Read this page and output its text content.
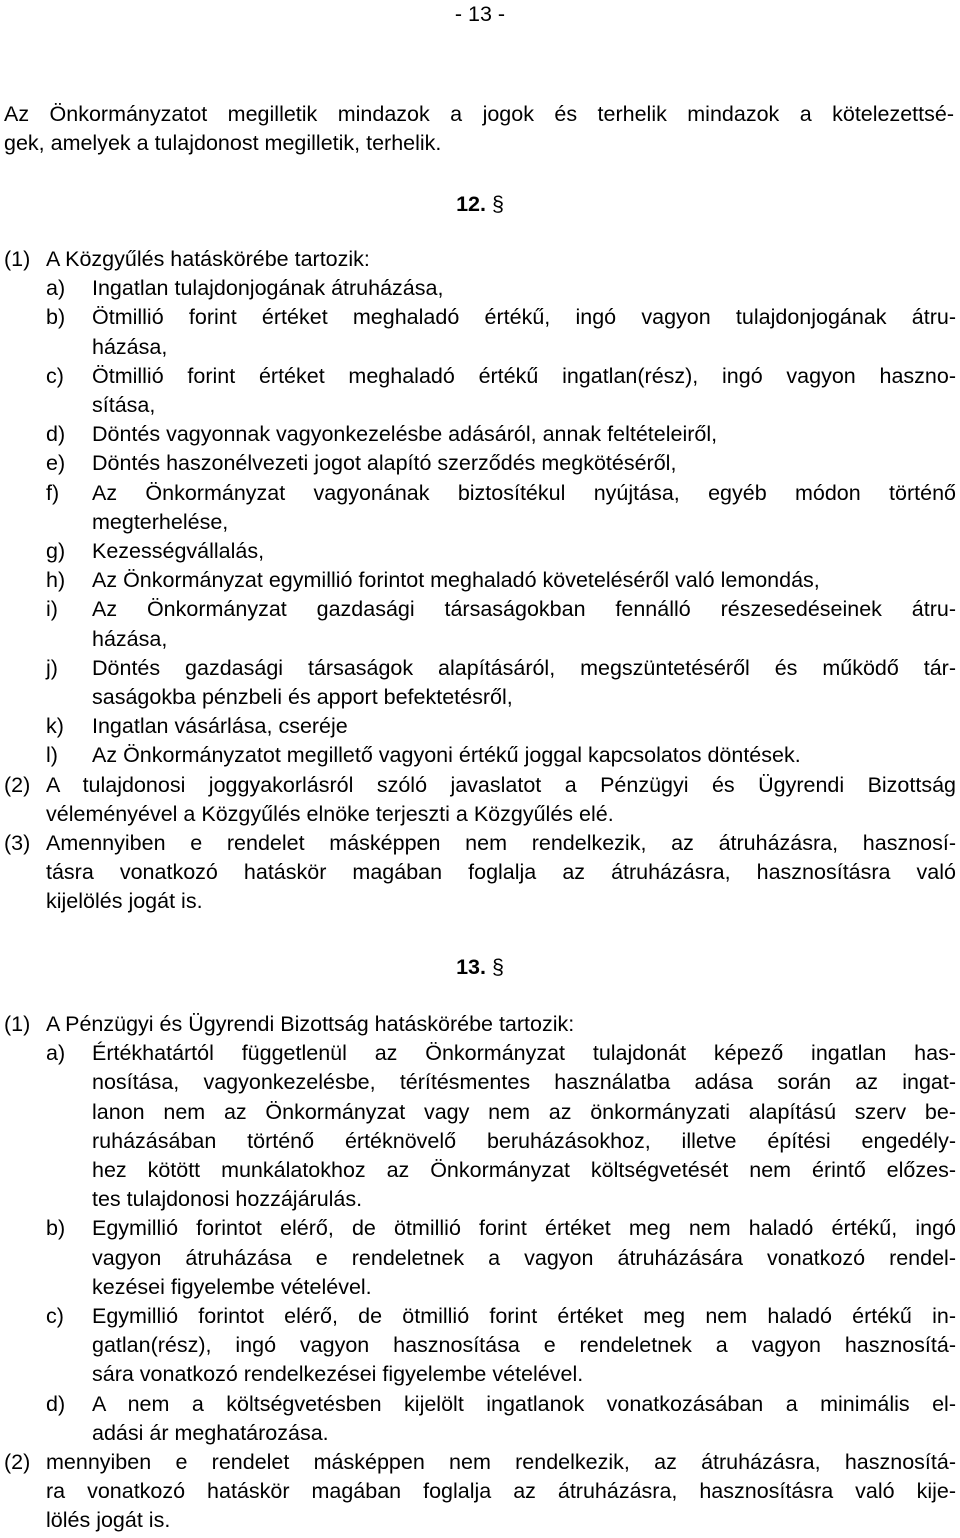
- 13 -
Az Önkormányzatot megilletik mindazok a jogok és terhelik mindazok a kötelezettsé-
gek, amelyek a tulajdonost megilletik, terhelik.
12. §
(1) A Közgyűlés hatáskörébe tartozik:
a) Ingatlan tulajdonjogának átruházása,
b) Ötmillió forint értéket meghaladó értékű, ingó vagyon tulajdonjogának átru-
házása,
c) Ötmillió forint értéket meghaladó értékű ingatlan(rész), ingó vagyon haszno-
sítása,
d) Döntés vagyonnak vagyonkezelésbe adásáról, annak feltételeiről,
e) Döntés haszonélvezeti jogot alapító szerződés megkötéséről,
f) Az Önkormányzat vagyonának biztosítékul nyújtása, egyéb módon történő
megterhelése,
g) Kezességvállalás,
h) Az Önkormányzat egymillió forintot meghaladó követeléséről való lemondás,
i) Az Önkormányzat gazdasági társaságokban fennálló részesedéseinek átru-
házása,
j) Döntés gazdasági társaságok alapításáról, megszüntetéséről és működő tár-
saságokba pénzbeli és apport befektetésről,
k) Ingatlan vásárlása, cseréje
l) Az Önkormányzatot megillető vagyoni értékű joggal kapcsolatos döntések.
(2) A tulajdonosi joggyakorlásról szóló javaslatot a Pénzügyi és Ügyrendi Bizottság
véleményével a Közgyűlés elnöke terjeszti a Közgyűlés elé.
(3) Amennyiben e rendelet másképpen nem rendelkezik, az átruházásra, hasznosí-
tásra vonatkozó hatáskör magában foglalja az átruházásra, hasznosításra való
kijelölés jogát is.
13. §
(1) A Pénzügyi és Ügyrendi Bizottság hatáskörébe tartozik:
a) Értékhatártól függetlenül az Önkormányzat tulajdonát képező ingatlan has-
nosítása, vagyonkezelésbe, térítésmentes használatba adása során az ingat-
lanon nem az Önkormányzat vagy nem az önkormányzati alapítású szerv be-
ruházásában történő értéknövelő beruházásokhoz, illetve építési engedély-
hez kötött munkálatokhoz az Önkormányzat költségvetését nem érintő előzes-
tes tulajdonosi hozzájárulás.
b) Egymillió forintot elérő, de ötmillió forint értéket meg nem haladó értékű, ingó
vagyon átruházása e rendeletnek a vagyon átruházására vonatkozó rendel-
kezései figyelembe vételével.
c) Egymillió forintot elérő, de ötmillió forint értéket meg nem haladó értékű in-
gatlan(rész), ingó vagyon hasznosítása e rendeletnek a vagyon hasznosítá-
sára vonatkozó rendelkezései figyelembe vételével.
d) A nem a költségvetésben kijelölt ingatlanok vonatkozásában a minimális el-
adási ár meghatározása.
(2) mennyiben e rendelet másképpen nem rendelkezik, az átruházásra, hasznosítá-
ra vonatkozó hatáskör magában foglalja az átruházásra, hasznosításra való kije-
lölés jogát is.
